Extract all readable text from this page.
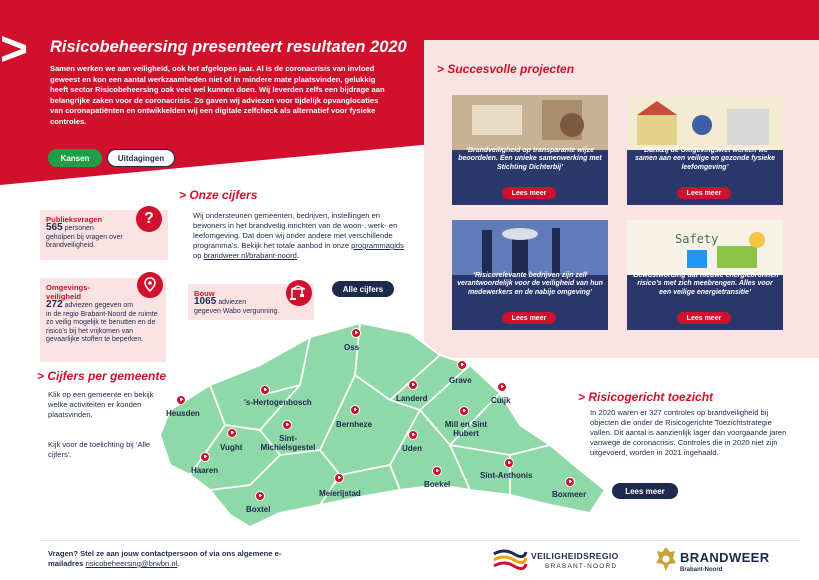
> Risicobeheersing presenteert resultaten 2020
Samen werken we aan veiligheid, ook het afgelopen jaar. Al is de coronacrisis van invloed geweest en kon een aantal werkzaamheden niet of in mindere mate plaatsvinden, gelukkig heeft sector Risicobeheersing ook veel wel kunnen doen. Wij leverden zelfs een bijdrage aan belangrijke zaken voor de coronacrisis. Zo gaven wij adviezen voor tijdelijk opvanglocaties van coronapatiënten en ontwikkelden wij een digitale zelfcheck als alternatief voor fysieke controles.
Kansen	Uitdagingen
> Succesvolle projecten
‘Brandveiligheid op transparante wijze beoordelen. Een unieke samenwerking met Stichting Dichterbij’
Lees meer
‘Dankzij de Omgevingswet werken we samen aan een veilige en gezonde fysieke leefomgeving’
Lees meer
‘Risicorelevante bedrijven zijn zelf verantwoordelijk voor de veiligheid van hun medewerkers en de nabije omgeving’
Lees meer
Safety
‘Bewustwording dat nieuwe energiebronnen risico’s met zich meebrengen. Alles voor een veilige energietransitie’
Lees meer
> Onze cijfers
Wij ondersteunen gemeenten, bedrijven, instellingen en bewoners in het brandveilig inrichten van de woon-, werk- en leefomgeving. Dat doen wij onder andere met verschillende programma’s. Bekijk het totale aanbod in onze programmagids op brandweer.nl/brabant-noord.
Publieksvragen
565 personen
geholpen bij vragen over brandveiligheid.
?
Omgevings-veiligheid
272 adviezen gegeven om
in de regio Brabant-Noord de ruimte zo veilig mogelijk te benutten en de risico’s bij het vrijkomen van gevaarlijke stoffen te beperken.
Bouw
1065 adviezen
gegeven Wabo vergunning.
Alle cijfers
> Cijfers per gemeente
Klik op een gemeente en bekijk welke activiteiten er konden plaatsvinden.
Kijk voor de toelichting bij ‘Alle cijfers’.
Oss
's-Hertogenbosch	Landerd
Grave
Cuijk
Heusden
Vught
Sint-Michielsgestel
Bernheze
Uden
Mill en Sint Hubert
Haaren
Boekel
Sint-Anthonis
Meierijstad
Boxtel
Boxmeer
> Risicogericht toezicht
In 2020 waren er 327 controles op brandveiligheid bij objecten die onder de Risicogerichte Toezichtstrategie vallen. Dit aantal is aanzienlijk lager dan voorgaande jaren vanwege de coronacrisis. Controles die in 2020 niet zijn uitgevoerd, worden in 2021 ingehaald.
Lees meer
Vragen? Stel ze aan jouw contactpersoon of via ons algemene e-mailadres risicobeheersing@brwbn.nl.
VEILIGHEIDSREGIO
BRABANT-NOORD
BRANDWEER
Brabant-Noord
